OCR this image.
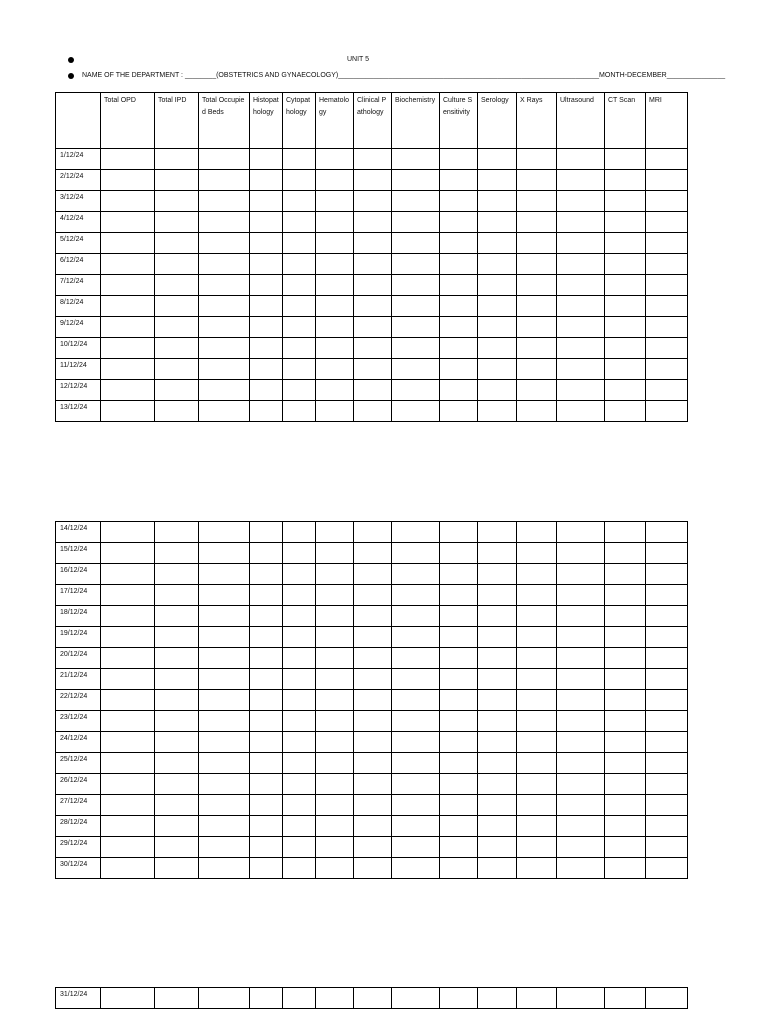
UNIT 5
NAME OF THE DEPARTMENT : ________(OBSTETRICS AND GYNAECOLOGY)___________________________________________________________________MONTH-DECEMBER_______________
	Total OPD	Total IPD	Total Occupied Beds	Histopathology	Cytopathology	Hematology	Clinical Pathology	Biochemistry	Culture Sensitivity	Serology	X Rays	Ultrasound	CT Scan	MRI
1/12/24														
2/12/24														
3/12/24														
4/12/24														
5/12/24														
6/12/24														
7/12/24														
8/12/24														
9/12/24														
10/12/24														
11/12/24														
12/12/24														
13/12/24														
14/12/24														
15/12/24														
16/12/24														
17/12/24														
18/12/24														
19/12/24														
20/12/24														
21/12/24														
22/12/24														
23/12/24														
24/12/24														
25/12/24														
26/12/24														
27/12/24														
28/12/24														
29/12/24														
30/12/24														
31/12/24														
